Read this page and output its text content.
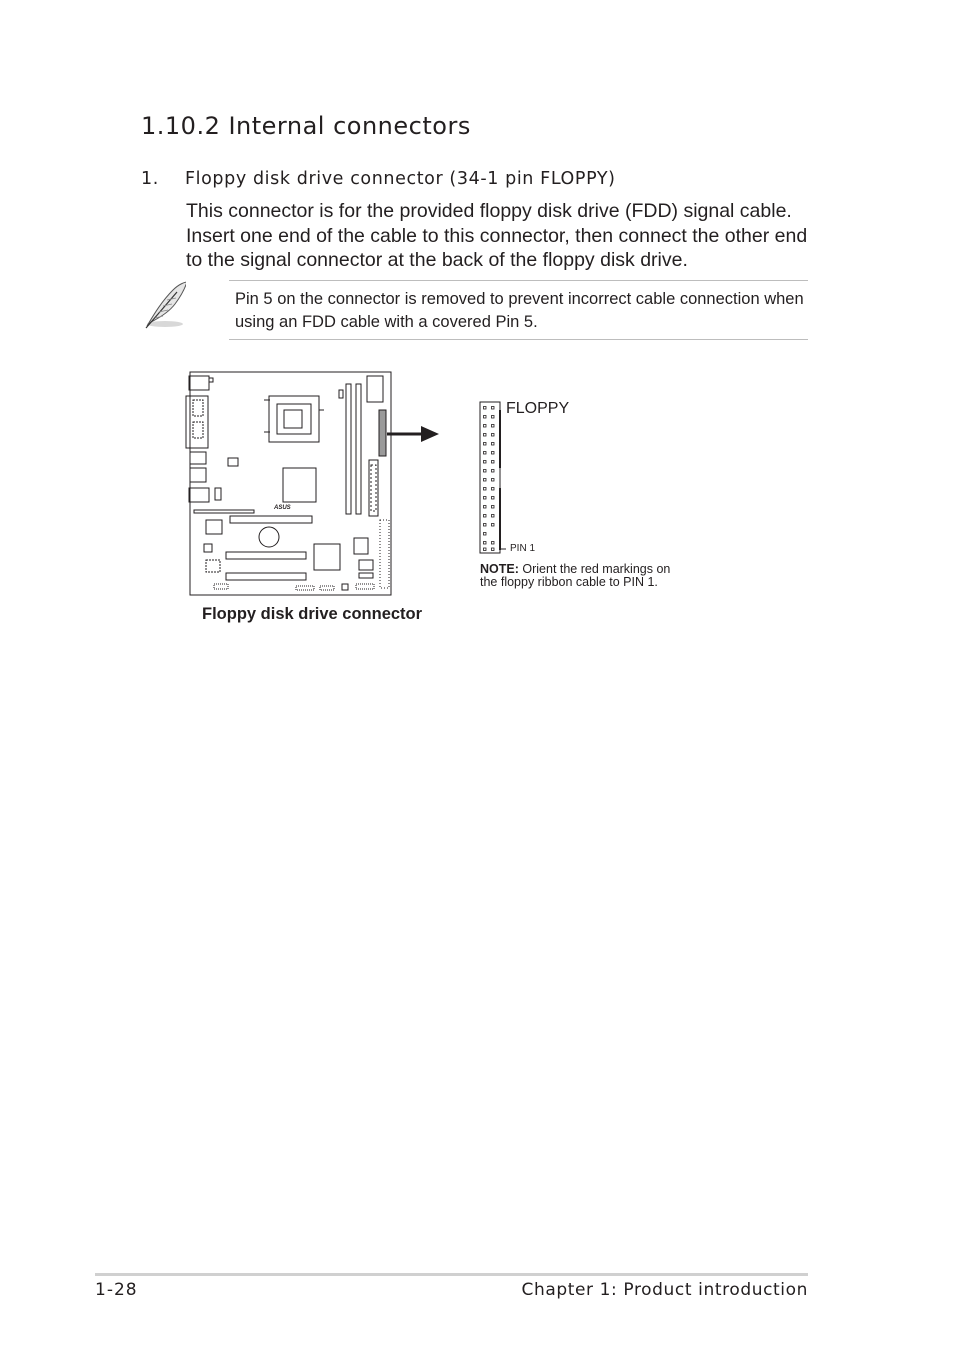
1.10.2 Internal connectors
1. Floppy disk drive connector (34-1 pin FLOPPY)
This connector is for the provided floppy disk drive (FDD) signal cable. Insert one end of the cable to this connector, then connect the other end to the signal connector at the back of the floppy disk drive.
Pin 5 on the connector is removed to prevent incorrect cable connection when using an FDD cable with a covered Pin 5.
ASUS
FLOPPY
PIN 1
NOTE: Orient the red markings on
the floppy ribbon cable to PIN 1.
Floppy disk drive connector
1-28	Chapter 1: Product introduction
